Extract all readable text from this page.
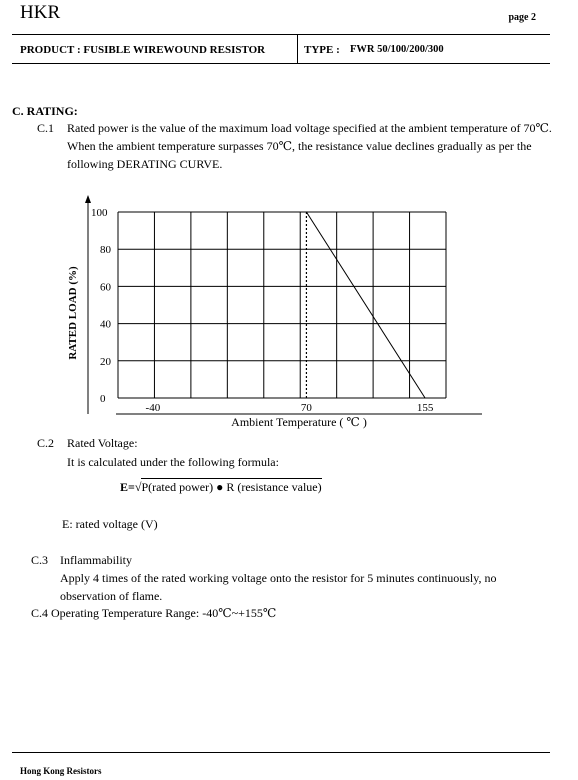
HKR	page 2
PRODUCT : FUSIBLE WIREWOUND RESISTOR	TYPE : FWR 50/100/200/300
C. RATING:
C.1 Rated power is the value of the maximum load voltage specified at the ambient temperature of 70℃.
When the ambient temperature surpasses 70℃, the resistance value declines gradually as per the
following DERATING CURVE.
0
20
40
60
80
100
-40	70	155
Ambient Temperature ( ℃ )
RATED LOAD (%)
C.2 Rated Voltage:
It is calculated under the following formula:
E=√P(rated power) ● R (resistance value)
E: rated voltage (V)
C.3 Inflammability
Apply 4 times of the rated working voltage onto the resistor for 5 minutes continuously, no
observation of flame.
C.4 Operating Temperature Range: -40℃~+155℃
Hong Kong Resistors
